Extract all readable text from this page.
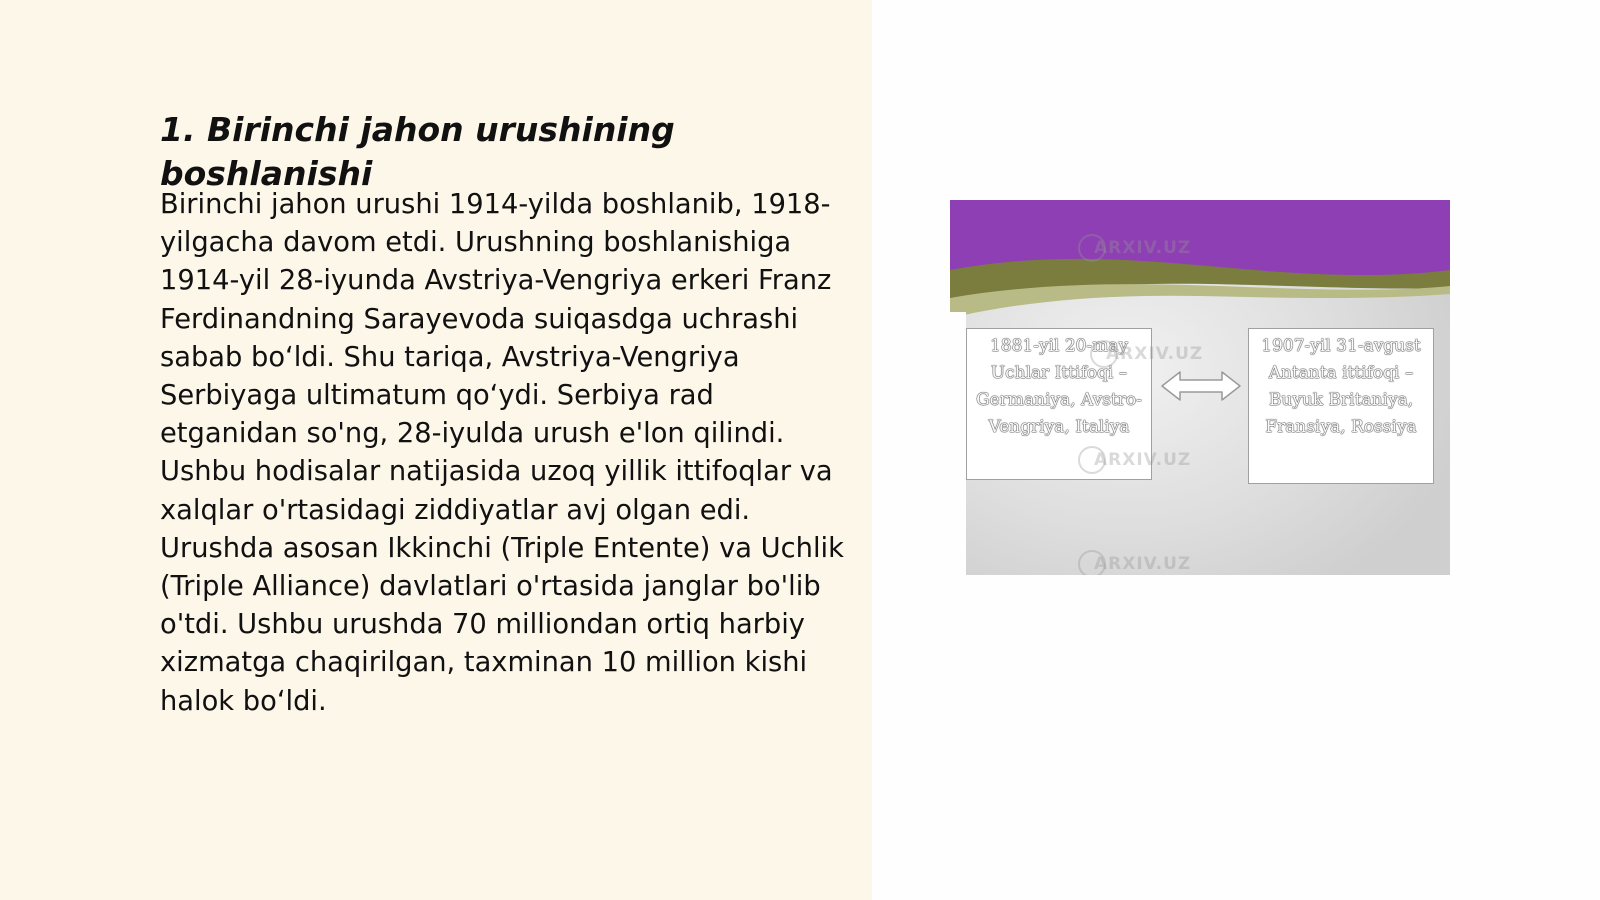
1. Birinchi jahon urushining boshlanishi

Birinchi jahon urushi 1914-yilda boshlanib, 1918-yilgacha davom etdi. Urushning boshlanishiga 1914-yil 28-iyunda Avstriya-Vengriya erkeri Franz Ferdinandning Sarayevoda suiqasdga uchrashi sabab boʻldi. Shu tariqa, Avstriya-Vengriya Serbiyaga ultimatum qoʻydi. Serbiya rad etganidan so'ng, 28-iyulda urush e'lon qilindi. Ushbu hodisalar natijasida uzoq yillik ittifoqlar va xalqlar o'rtasidagi ziddiyatlar avj olgan edi. Urushda asosan Ikkinchi (Triple Entente) va Uchlik (Triple Alliance) davlatlari o'rtasida janglar bo'lib o'tdi. Ushbu urushda 70 milliondan ortiq harbiy xizmatga chaqirilgan, taxminan 10 million kishi halok boʻldi.

1881-yil 20-may Uchlar Ittifoqi – Germaniya, Avstro-Vengriya, Italiya
1907-yil 31-avgust Antanta ittifoqi – Buyuk Britaniya, Fransiya, Rossiya
ARXIV.UZ
ARXIV.UZ
ARXIV.UZ
ARXIV.UZ
